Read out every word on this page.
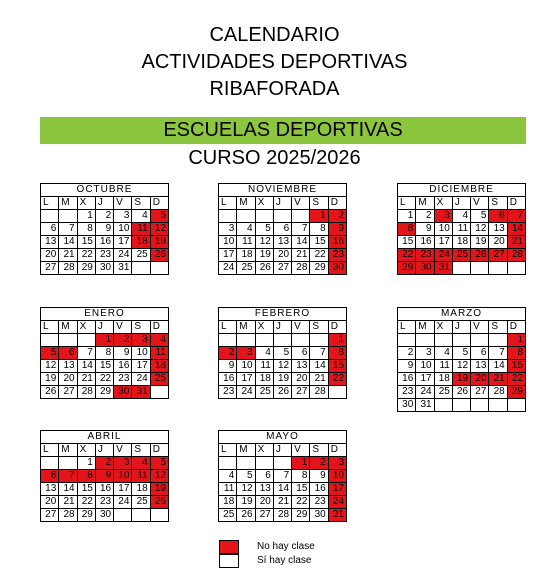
CALENDARIO
ACTIVIDADES DEPORTIVAS
RIBAFORADA
ESCUELAS DEPORTIVAS
CURSO 2025/2026
OCTUBRE						
L	M	X	J	V	S	D
		1	2	3	4	5
6	7	8	9	10	11	12
13	14	15	16	17	18	19
20	21	22	23	24	25	26
27	28	29	30	31		
NOVIEMBRE						
L	M	X	J	V	S	D
					1	2
3	4	5	6	7	8	9
10	11	12	13	14	15	16
17	18	19	20	21	22	23
24	25	26	27	28	29	30
DICIEMBRE						
L	M	X	J	V	S	D
1	2	3	4	5	6	7
8	9	10	11	12	13	14
15	16	17	18	19	20	21
22	23	24	25	26	27	28
29	30	31				
ENERO						
L	M	X	J	V	S	D
			1	2	3	4
5	6	7	8	9	10	11
12	13	14	15	16	17	18
19	20	21	22	23	24	25
26	27	28	29	30	31	
FEBRERO						
L	M	X	J	V	S	D
						1
2	3	4	5	6	7	8
9	10	11	12	13	14	15
16	17	18	19	20	21	22
23	24	25	26	27	28	
MARZO						
L	M	X	J	V	S	D
						1
2	3	4	5	6	7	8
9	10	11	12	13	14	15
16	17	18	19	20	21	22
23	24	25	26	27	28	29
30	31					
ABRIL						
L	M	X	J	V	S	D
		1	2	3	4	5
6	7	8	9	10	11	12
13	14	15	16	17	18	19
20	21	22	23	24	25	26
27	28	29	30			
MAYO						
L	M	X	J	V	S	D
				1	2	3
4	5	6	7	8	9	10
11	12	13	14	15	16	17
18	19	20	21	22	23	24
25	26	27	28	29	30	31
No hay clase
Sí hay clase
